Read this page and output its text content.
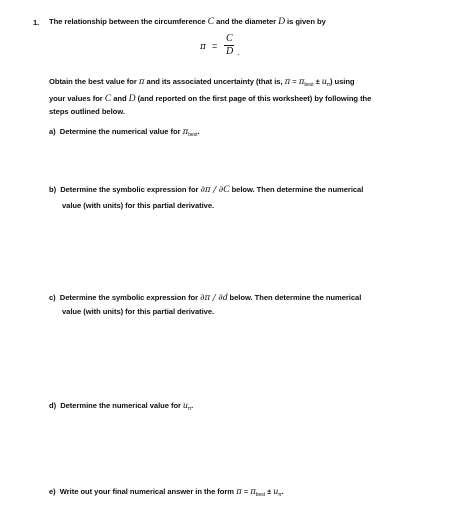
1. The relationship between the circumference C and the diameter D is given by
π =
C
D .
Obtain the best value for π and its associated uncertainty (that is, $\pi = \pi_{best} \pm u_\pi$) using
your values for C and D (and reported on the first page of this worksheet) by following the
steps outlined below.
a) Determine the numerical value for $\pi_{best}$.
b) Determine the symbolic expression for ∂π / ∂C below. Then determine the numerical
value (with units) for this partial derivative.
c) Determine the symbolic expression for ∂π / ∂d below. Then determine the numerical
value (with units) for this partial derivative.
d) Determine the numerical value for $u_\pi$.
e) Write out your final numerical answer in the form $\pi = \pi_{best} \pm u_\pi$.
